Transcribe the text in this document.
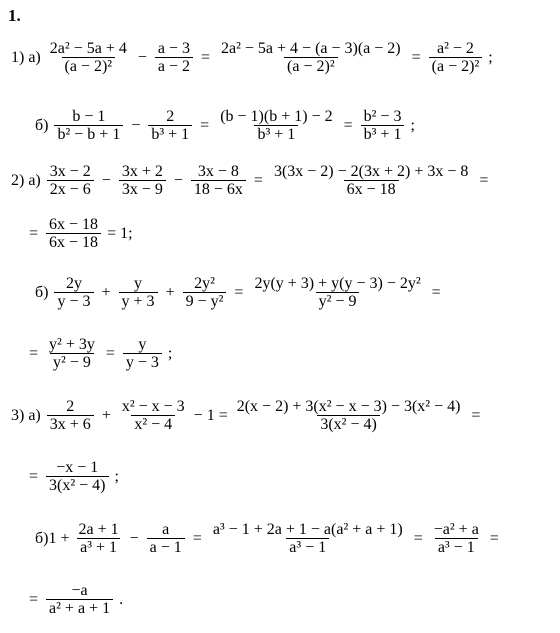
1.
1) $а) \frac{\text{2a² − 5a + 4}}{\text{(a − 2)²}} - \frac{a - 3}{a - 2} = \frac{\text{2a² − 5a + 4 − (a − 3)(a − 2)}}{\text{(a − 2)²}} = \frac{\text{a² − 2}}{\text{(a − 2)²}}$ ;
$б) \frac{b - 1}{\text{b² − b + 1}} - \frac{2}{\text{b³ + 1}} = \frac{(b - 1)(b + 1) - 2}{\text{b³ + 1}} = \frac{\text{b² − 3}}{\text{b³ + 1}}$ ;
2) $а) \frac{3x - 2}{2x - 6} - \frac{3x + 2}{3x - 9} - \frac{3x - 8}{18 - 6x} = \frac{3(3x - 2) - 2(3x + 2) + 3x - 8}{6x - 18}$ =
= $\frac{6x - 18}{6x - 18} = 1$;
$б) \frac{2y}{y - 3} + \frac{y}{y + 3} + \frac{\text{2y²}}{\text{9 − y²}} = \frac{\text{2y(y + 3) + y(y − 3) − 2y²}}{\text{y² − 9}}$ =
= $\frac{\text{y² + 3y}}{\text{y² − 9}} = \frac{y}{y - 3}$ ;
3) $а) \frac{2}{3x + 6} + \frac{\text{x² − x − 3}}{\text{x² − 4}} - 1 = \frac{\text{2(x − 2) + 3(x² − x − 3) − 3(x² − 4)}}{\text{3(x² − 4)}}$ =
= $\frac{-x - 1}{\text{3(x² − 4)}}$ ;
$б)1 + \frac{2a + 1}{\text{a³ + 1}} - \frac{a}{a - 1} = \frac{\text{a³ − 1 + 2a + 1 − a(a² + a + 1)}}{\text{a³ − 1}} = \frac{\text{−a² + a}}{\text{a³ − 1}}$ =
= $\frac{-a}{\text{a² + a + 1}}$ .
